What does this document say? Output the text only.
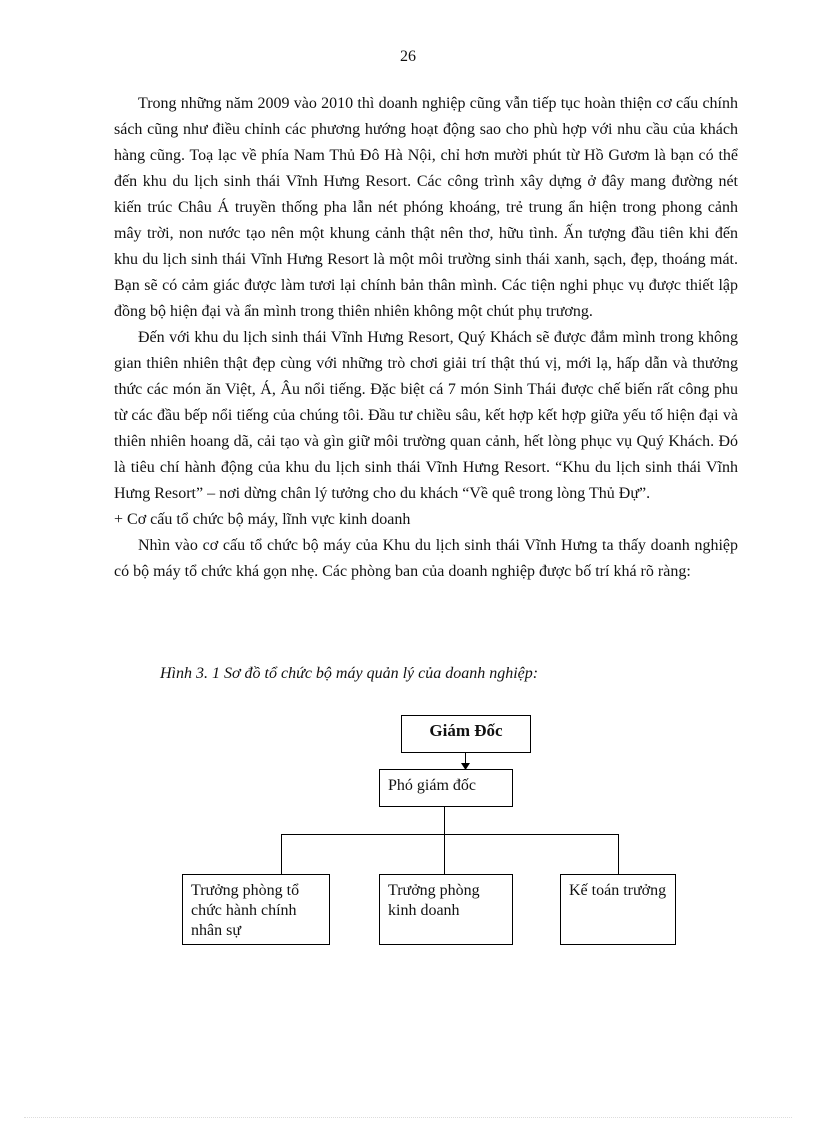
26

Trong những năm 2009 vào 2010 thì doanh nghiệp cũng vẫn tiếp tục hoàn thiện cơ cấu chính sách cũng như điều chỉnh các phương hướng hoạt động sao cho phù hợp với nhu cầu của khách hàng cũng. Toạ lạc về phía Nam Thủ Đô Hà Nội, chỉ hơn mười phút từ Hồ Gươm là bạn có thể đến khu du lịch sinh thái Vĩnh Hưng Resort. Các công trình xây dựng ở đây mang đường nét kiến trúc Châu Á truyền thống pha lẫn nét phóng khoáng, trẻ trung ẩn hiện trong phong cảnh mây trời, non nước tạo nên một khung cảnh thật nên thơ, hữu tình. Ấn tượng đầu tiên khi đến khu du lịch sinh thái Vĩnh Hưng Resort là một môi trường sinh thái xanh, sạch, đẹp, thoáng mát. Bạn sẽ có cảm giác được làm tươi lại chính bản thân mình. Các tiện nghi phục vụ được thiết lập đồng bộ hiện đại và ẩn mình trong thiên nhiên không một chút phụ trương.

Đến với khu du lịch sinh thái Vĩnh Hưng Resort, Quý Khách sẽ được đắm mình trong không gian thiên nhiên thật đẹp cùng với những trò chơi giải trí thật thú vị, mới lạ, hấp dẫn và thưởng thức các món ăn Việt, Á, Âu nổi tiếng. Đặc biệt cá 7 món Sinh Thái được chế biến rất công phu từ các đầu bếp nổi tiếng của chúng tôi. Đầu tư chiều sâu, kết hợp kết hợp giữa yếu tố hiện đại và thiên nhiên hoang dã, cải tạo và gìn giữ môi trường quan cảnh, hết lòng phục vụ Quý Khách. Đó là tiêu chí hành động của khu du lịch sinh thái Vĩnh Hưng Resort. “Khu du lịch sinh thái Vĩnh Hưng Resort” – nơi dừng chân lý tưởng cho du khách “Về quê trong lòng Thủ Đự”.

+ Cơ cấu tổ chức bộ máy, lĩnh vực kinh doanh

Nhìn vào cơ cấu tổ chức bộ máy của Khu du lịch sinh thái Vĩnh Hưng ta thấy doanh nghiệp có bộ máy tổ chức khá gọn nhẹ. Các phòng ban của doanh nghiệp được bố trí khá rõ ràng:

Hình 3. 1 Sơ đồ tổ chức bộ máy quản lý của doanh nghiệp:
Giám Đốc
Phó giám đốc
Trưởng phòng tổ chức hành chính nhân sự
Trưởng phòng kinh doanh
Kế toán trưởng
